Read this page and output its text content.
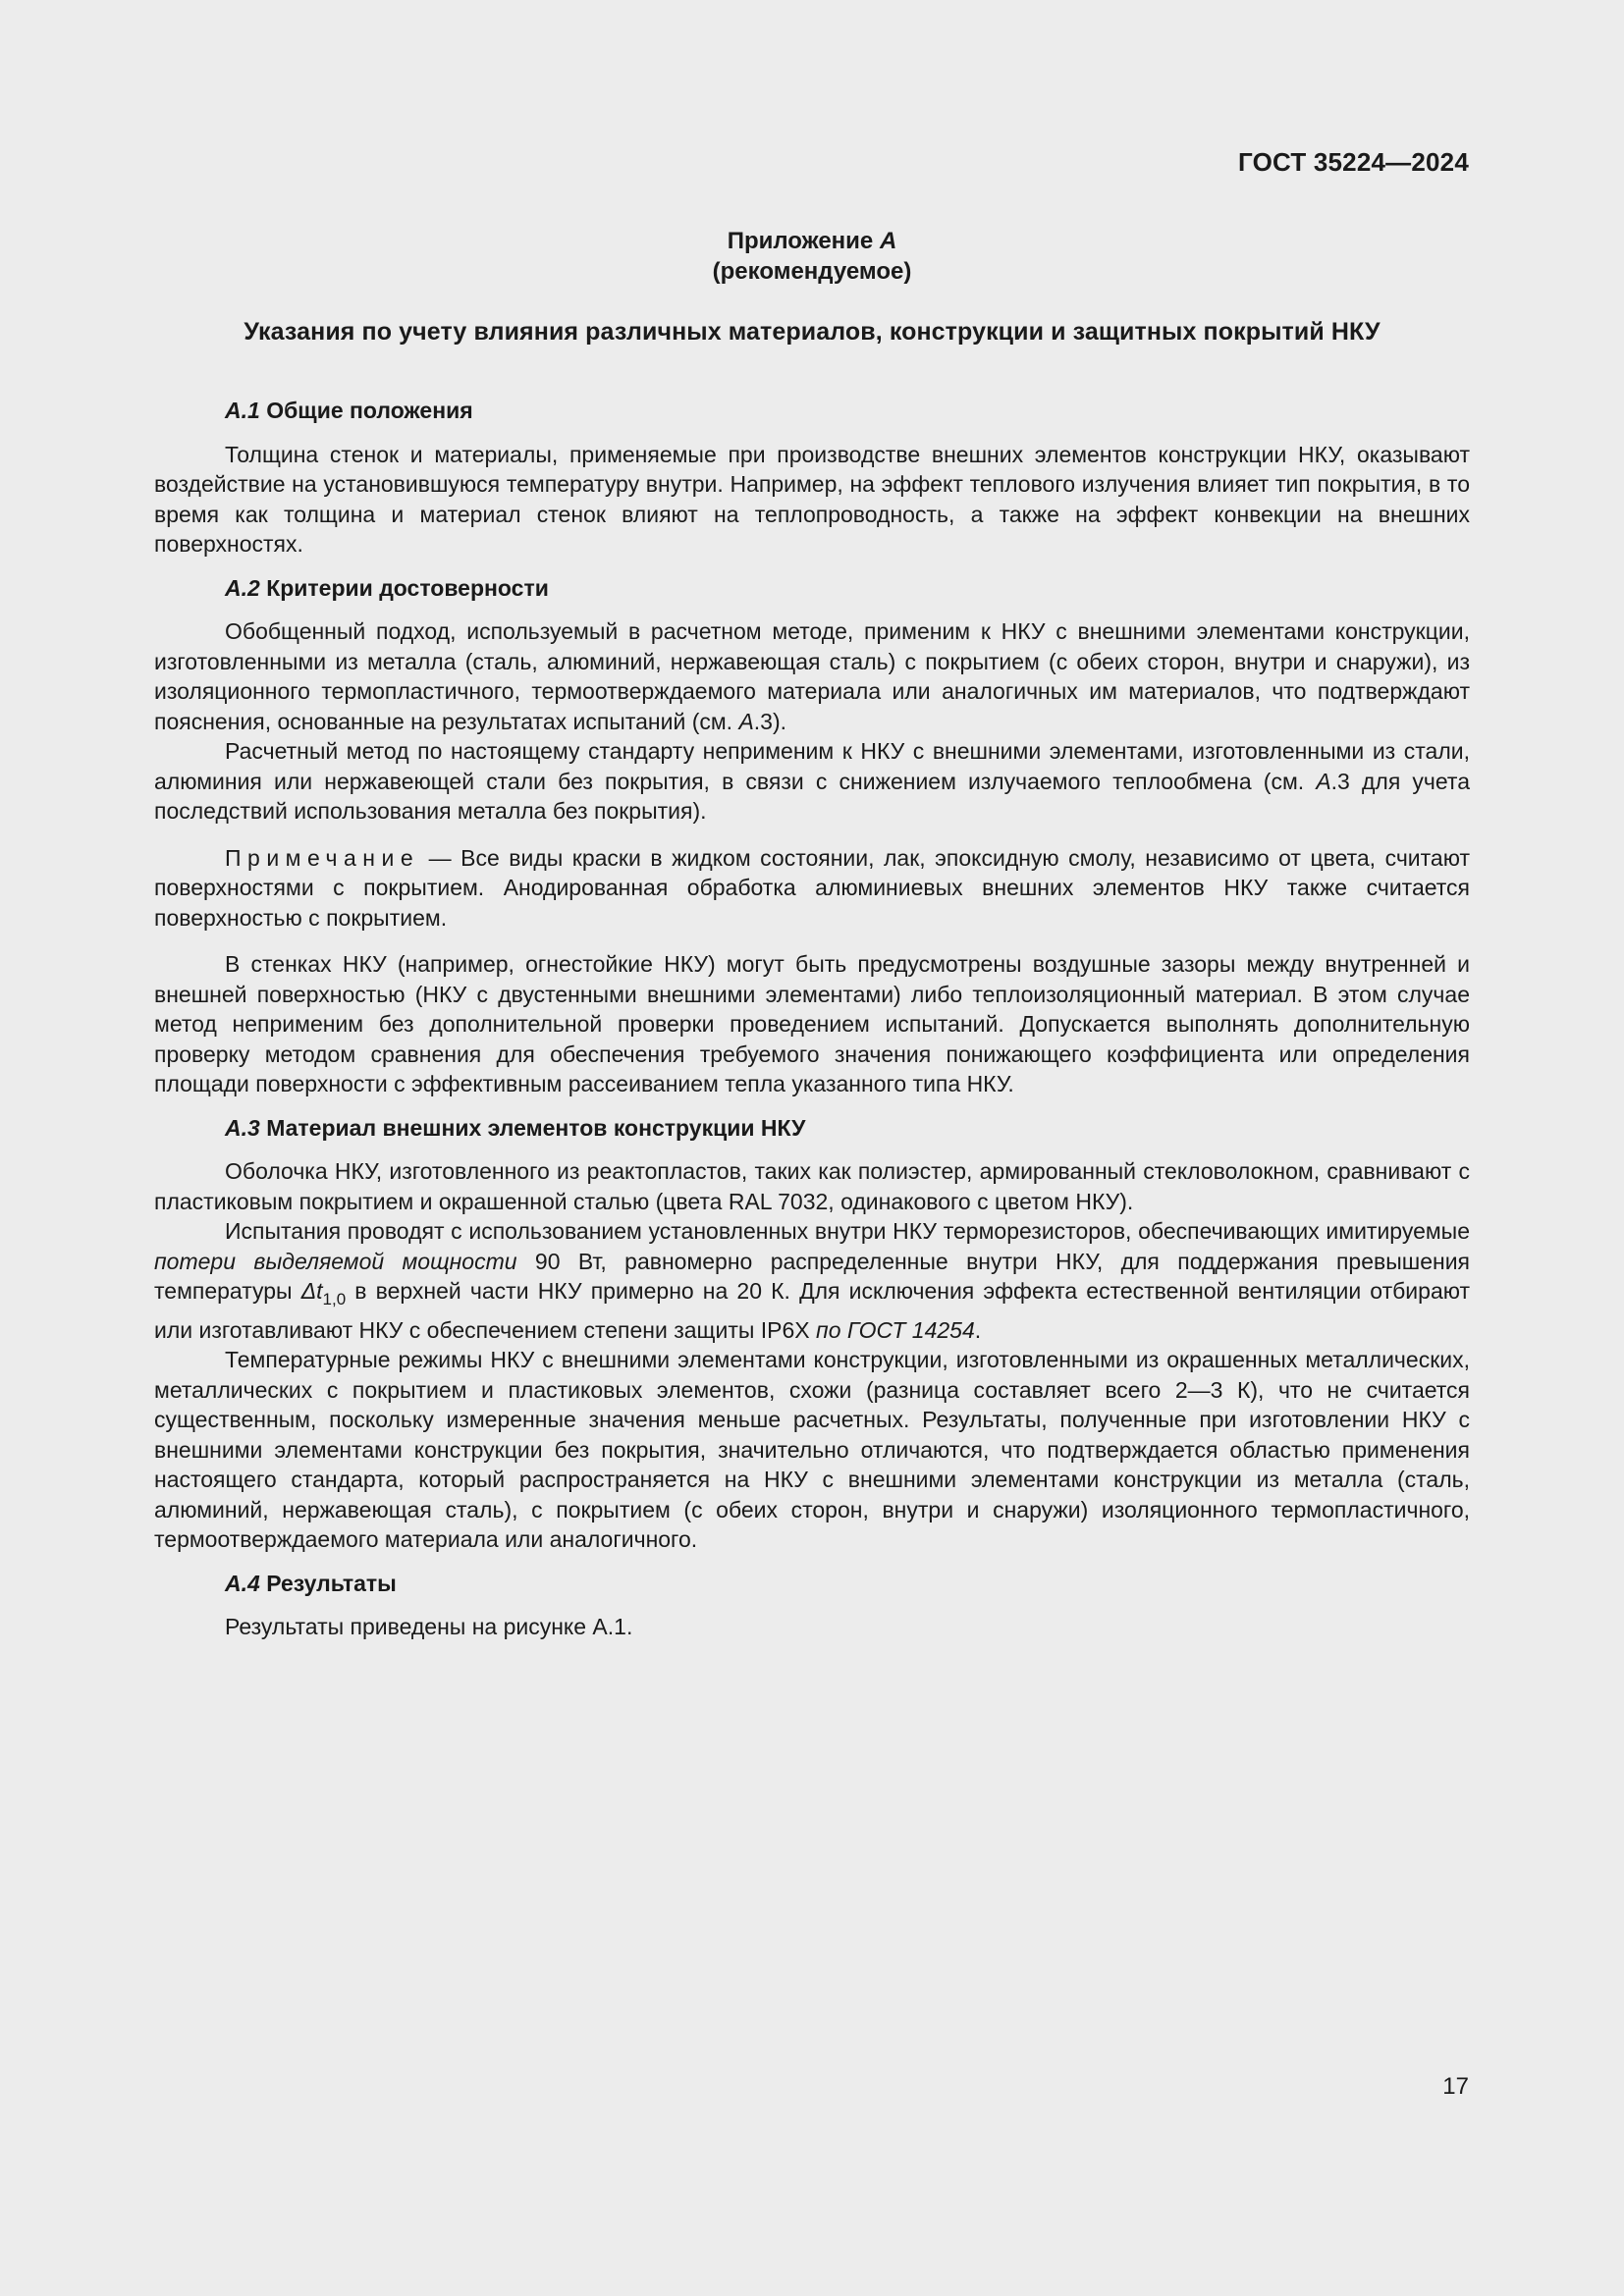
ГОСТ 35224—2024
Приложение А
(рекомендуемое)
Указания по учету влияния различных материалов, конструкции и защитных покрытий НКУ
А.1 Общие положения

Толщина стенок и материалы, применяемые при производстве внешних элементов конструкции НКУ, оказывают воздействие на установившуюся температуру внутри. Например, на эффект теплового излучения влияет тип покрытия, в то время как толщина и материал стенок влияют на теплопроводность, а также на эффект конвекции на внешних поверхностях.

А.2 Критерии достоверности

Обобщенный подход, используемый в расчетном методе, применим к НКУ с внешними элементами конструкции, изготовленными из металла (сталь, алюминий, нержавеющая сталь) с покрытием (с обеих сторон, внутри и снаружи), из изоляционного термопластичного, термоотверждаемого материала или аналогичных им материалов, что подтверждают пояснения, основанные на результатах испытаний (см. А.3).

Расчетный метод по настоящему стандарту неприменим к НКУ с внешними элементами, изготовленными из стали, алюминия или нержавеющей стали без покрытия, в связи с снижением излучаемого теплообмена (см. А.3 для учета последствий использования металла без покрытия).

Примечание — Все виды краски в жидком состоянии, лак, эпоксидную смолу, независимо от цвета, считают поверхностями с покрытием. Анодированная обработка алюминиевых внешних элементов НКУ также считается поверхностью с покрытием.

В стенках НКУ (например, огнестойкие НКУ) могут быть предусмотрены воздушные зазоры между внутренней и внешней поверхностью (НКУ с двустенными внешними элементами) либо теплоизоляционный материал. В этом случае метод неприменим без дополнительной проверки проведением испытаний. Допускается выполнять дополнительную проверку методом сравнения для обеспечения требуемого значения понижающего коэффициента или определения площади поверхности с эффективным рассеиванием тепла указанного типа НКУ.

А.3 Материал внешних элементов конструкции НКУ

Оболочка НКУ, изготовленного из реактопластов, таких как полиэстер, армированный стекловолокном, сравнивают с пластиковым покрытием и окрашенной сталью (цвета RAL 7032, одинакового с цветом НКУ).

Испытания проводят с использованием установленных внутри НКУ терморезисторов, обеспечивающих имитируемые потери выделяемой мощности 90 Вт, равномерно распределенные внутри НКУ, для поддержания превышения температуры $\Delta t_{1,0}$ в верхней части НКУ примерно на 20 К. Для исключения эффекта естественной вентиляции отбирают или изготавливают НКУ с обеспечением степени защиты IP6X по ГОСТ 14254.

Температурные режимы НКУ с внешними элементами конструкции, изготовленными из окрашенных металлических, металлических с покрытием и пластиковых элементов, схожи (разница составляет всего 2—3 К), что не считается существенным, поскольку измеренные значения меньше расчетных. Результаты, полученные при изготовлении НКУ с внешними элементами конструкции без покрытия, значительно отличаются, что подтверждается областью применения настоящего стандарта, который распространяется на НКУ с внешними элементами конструкции из металла (сталь, алюминий, нержавеющая сталь), с покрытием (с обеих сторон, внутри и снаружи) изоляционного термопластичного, термоотверждаемого материала или аналогичного.

А.4 Результаты

Результаты приведены на рисунке А.1.

17
